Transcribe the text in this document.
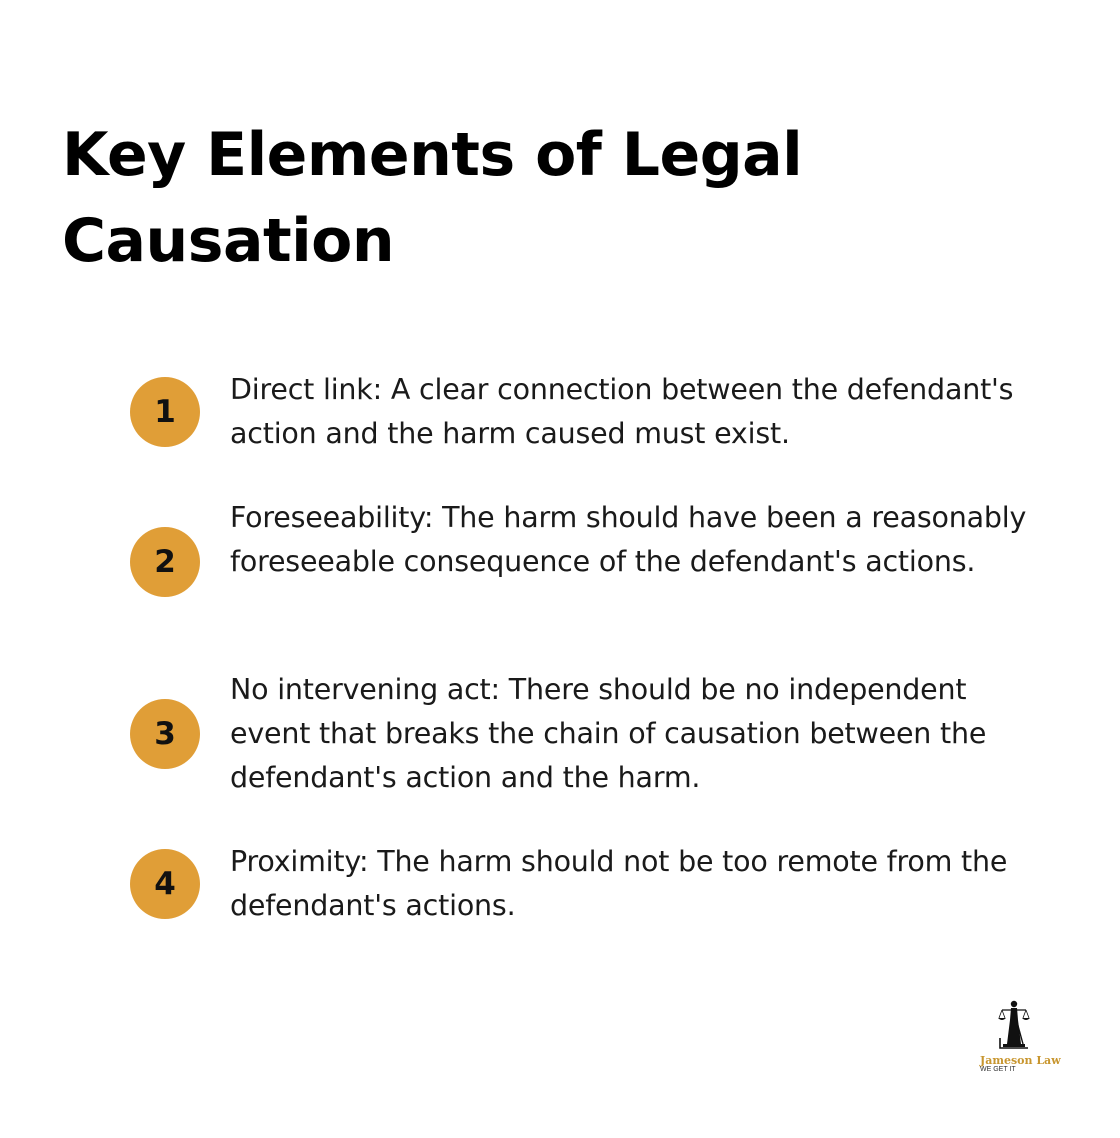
Key Elements of Legal Causation
1
Direct link: A clear connection between the defendant's action and the harm caused must exist.
2
Foreseeability: The harm should have been a reasonably foreseeable consequence of the defendant's actions.
3
No intervening act: There should be no independent event that breaks the chain of causation between the defendant's action and the harm.
4
Proximity: The harm should not be too remote from the defendant's actions.
Jameson Law
WE GET IT
